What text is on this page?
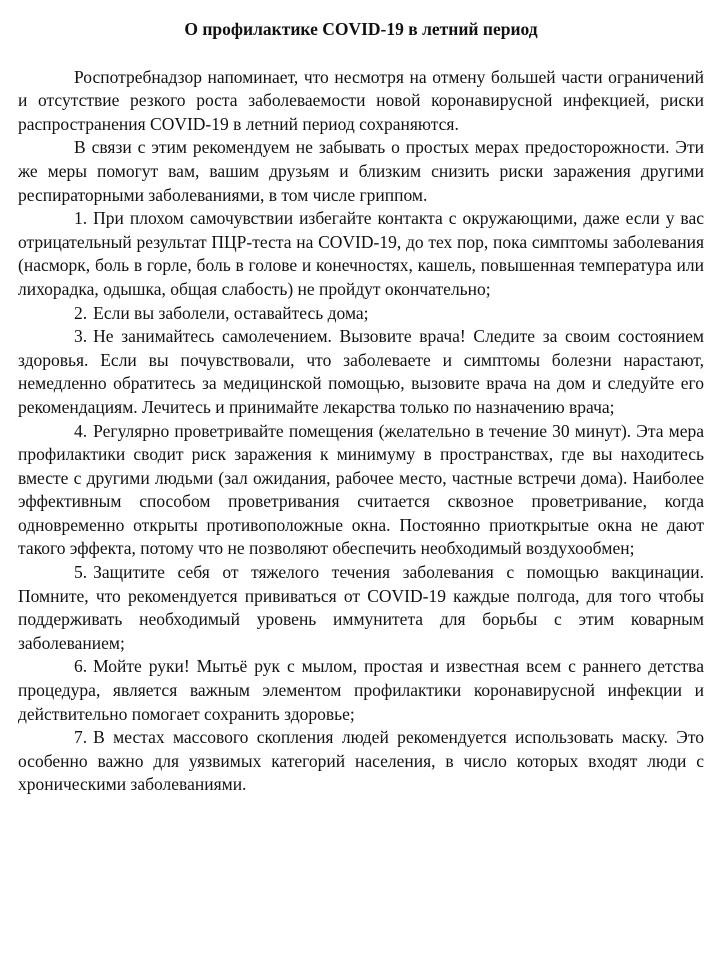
О профилактике COVID-19 в летний период

Роспотребнадзор напоминает, что несмотря на отмену большей части ограничений и отсутствие резкого роста заболеваемости новой коронавирусной инфекцией, риски распространения COVID-19 в летний период сохраняются.

В связи с этим рекомендуем не забывать о простых мерах предосторожности. Эти же меры помогут вам, вашим друзьям и близким снизить риски заражения другими респираторными заболеваниями, в том числе гриппом.

1. При плохом самочувствии избегайте контакта с окружающими, даже если у вас отрицательный результат ПЦР-теста на COVID-19, до тех пор, пока симптомы заболевания (насморк, боль в горле, боль в голове и конечностях, кашель, повышенная температура или лихорадка, одышка, общая слабость) не пройдут окончательно;

2. Если вы заболели, оставайтесь дома;

3. Не занимайтесь самолечением. Вызовите врача! Следите за своим состоянием здоровья. Если вы почувствовали, что заболеваете и симптомы болезни нарастают, немедленно обратитесь за медицинской помощью, вызовите врача на дом и следуйте его рекомендациям. Лечитесь и принимайте лекарства только по назначению врача;

4. Регулярно проветривайте помещения (желательно в течение 30 минут). Эта мера профилактики сводит риск заражения к минимуму в пространствах, где вы находитесь вместе с другими людьми (зал ожидания, рабочее место, частные встречи дома). Наиболее эффективным способом проветривания считается сквозное проветривание, когда одновременно открыты противоположные окна. Постоянно приоткрытые окна не дают такого эффекта, потому что не позволяют обеспечить необходимый воздухообмен;

5. Защитите себя от тяжелого течения заболевания с помощью вакцинации. Помните, что рекомендуется прививаться от COVID-19 каждые полгода, для того чтобы поддерживать необходимый уровень иммунитета для борьбы с этим коварным заболеванием;

6. Мойте руки! Мытьё рук с мылом, простая и известная всем с раннего детства процедура, является важным элементом профилактики коронавирусной инфекции и действительно помогает сохранить здоровье;

7. В местах массового скопления людей рекомендуется использовать маску. Это особенно важно для уязвимых категорий населения, в число которых входят люди с хроническими заболеваниями.
